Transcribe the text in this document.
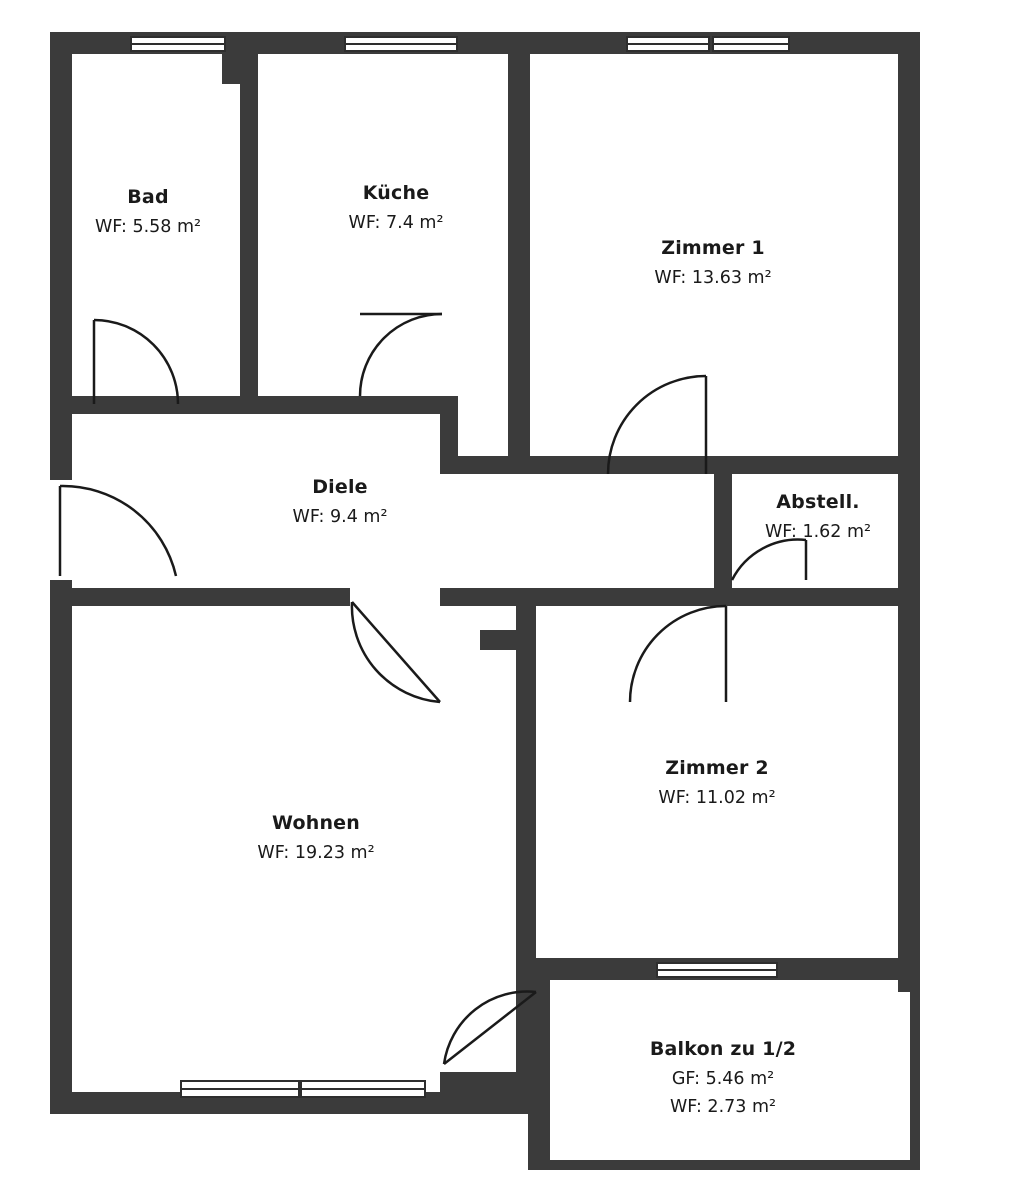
Bad
WF: 5.58 m²
Küche
WF: 7.4 m²
Zimmer 1
WF: 13.63 m²
Diele
WF: 9.4 m²
Abstell.
WF: 1.62 m²
Zimmer 2
WF: 11.02 m²
Wohnen
WF: 19.23 m²
Balkon zu 1/2
GF: 5.46 m²
WF: 2.73 m²
